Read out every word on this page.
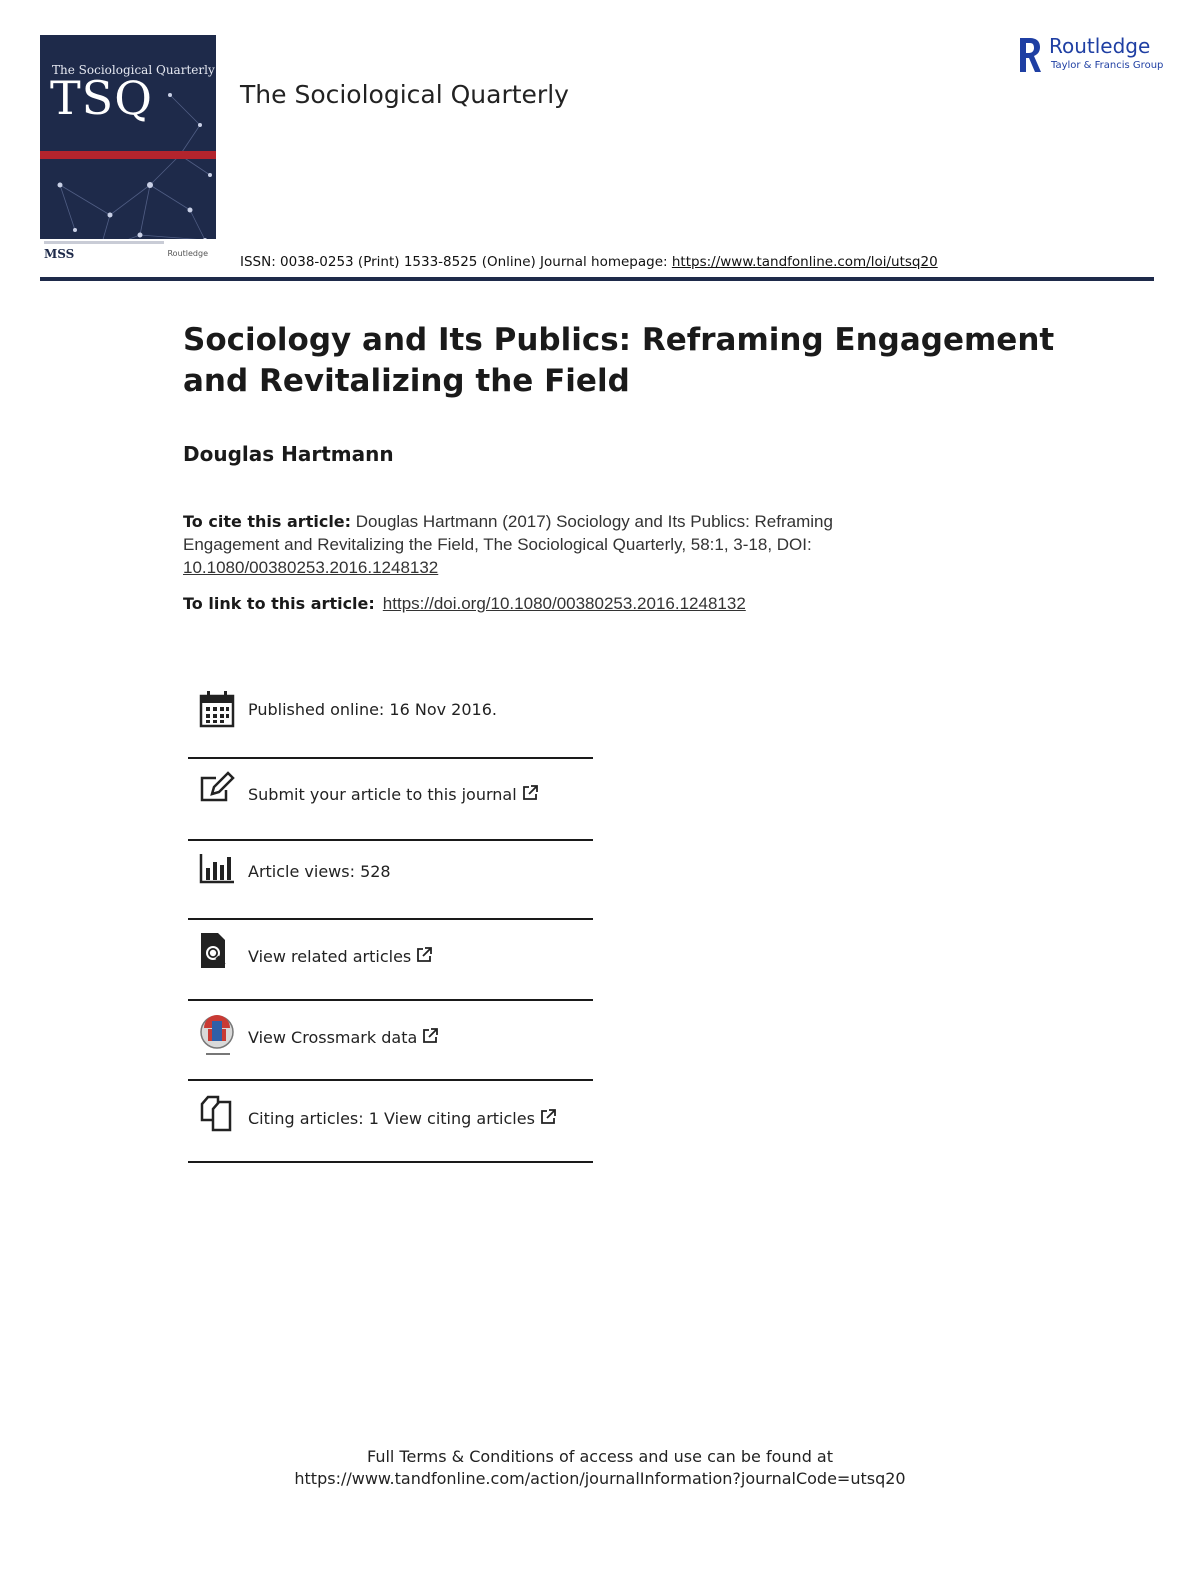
The Sociological Quarterly
TSQ
MSS	Routledge
The Sociological Quarterly
Routledge
Taylor & Francis Group
ISSN: 0038-0253 (Print) 1533-8525 (Online) Journal homepage: https://www.tandfonline.com/loi/utsq20
Sociology and Its Publics: Reframing Engagement and Revitalizing the Field
Douglas Hartmann
To cite this article: Douglas Hartmann (2017) Sociology and Its Publics: Reframing Engagement and Revitalizing the Field, The Sociological Quarterly, 58:1, 3-18, DOI: 10.1080/00380253.2016.1248132
To link to this article: https://doi.org/10.1080/00380253.2016.1248132
Published online: 16 Nov 2016.
Submit your article to this journal
Article views: 528
View related articles
View Crossmark data
Citing articles: 1 View citing articles
Full Terms & Conditions of access and use can be found at
https://www.tandfonline.com/action/journalInformation?journalCode=utsq20
